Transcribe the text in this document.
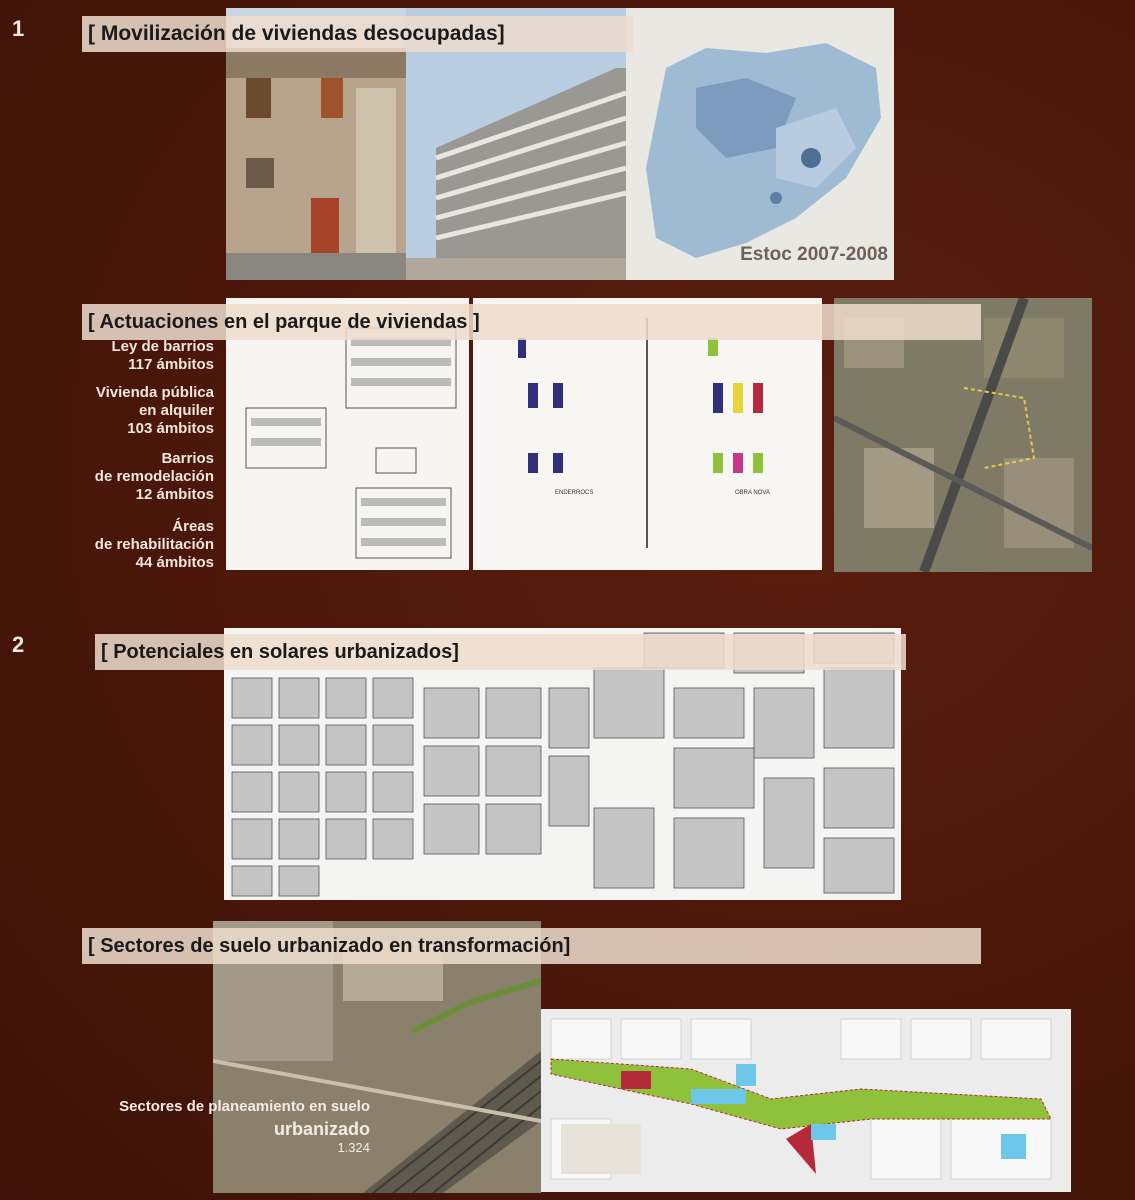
1
2
Estoc 2007-2008
[ Movilización de viviendas desocupadas]
ENDERROCS	OBRA NOVA
[ Actuaciones en el parque de viviendas ]
Ley de barrios
117 ámbitos
Vivienda pública
en alquiler
103 ámbitos
Barrios
de remodelación
12 ámbitos
Áreas
de rehabilitación
44 ámbitos
[ Potenciales en solares urbanizados]
[ Sectores de suelo urbanizado en transformación]
Sectores de planeamiento en suelo
urbanizado
1.324
